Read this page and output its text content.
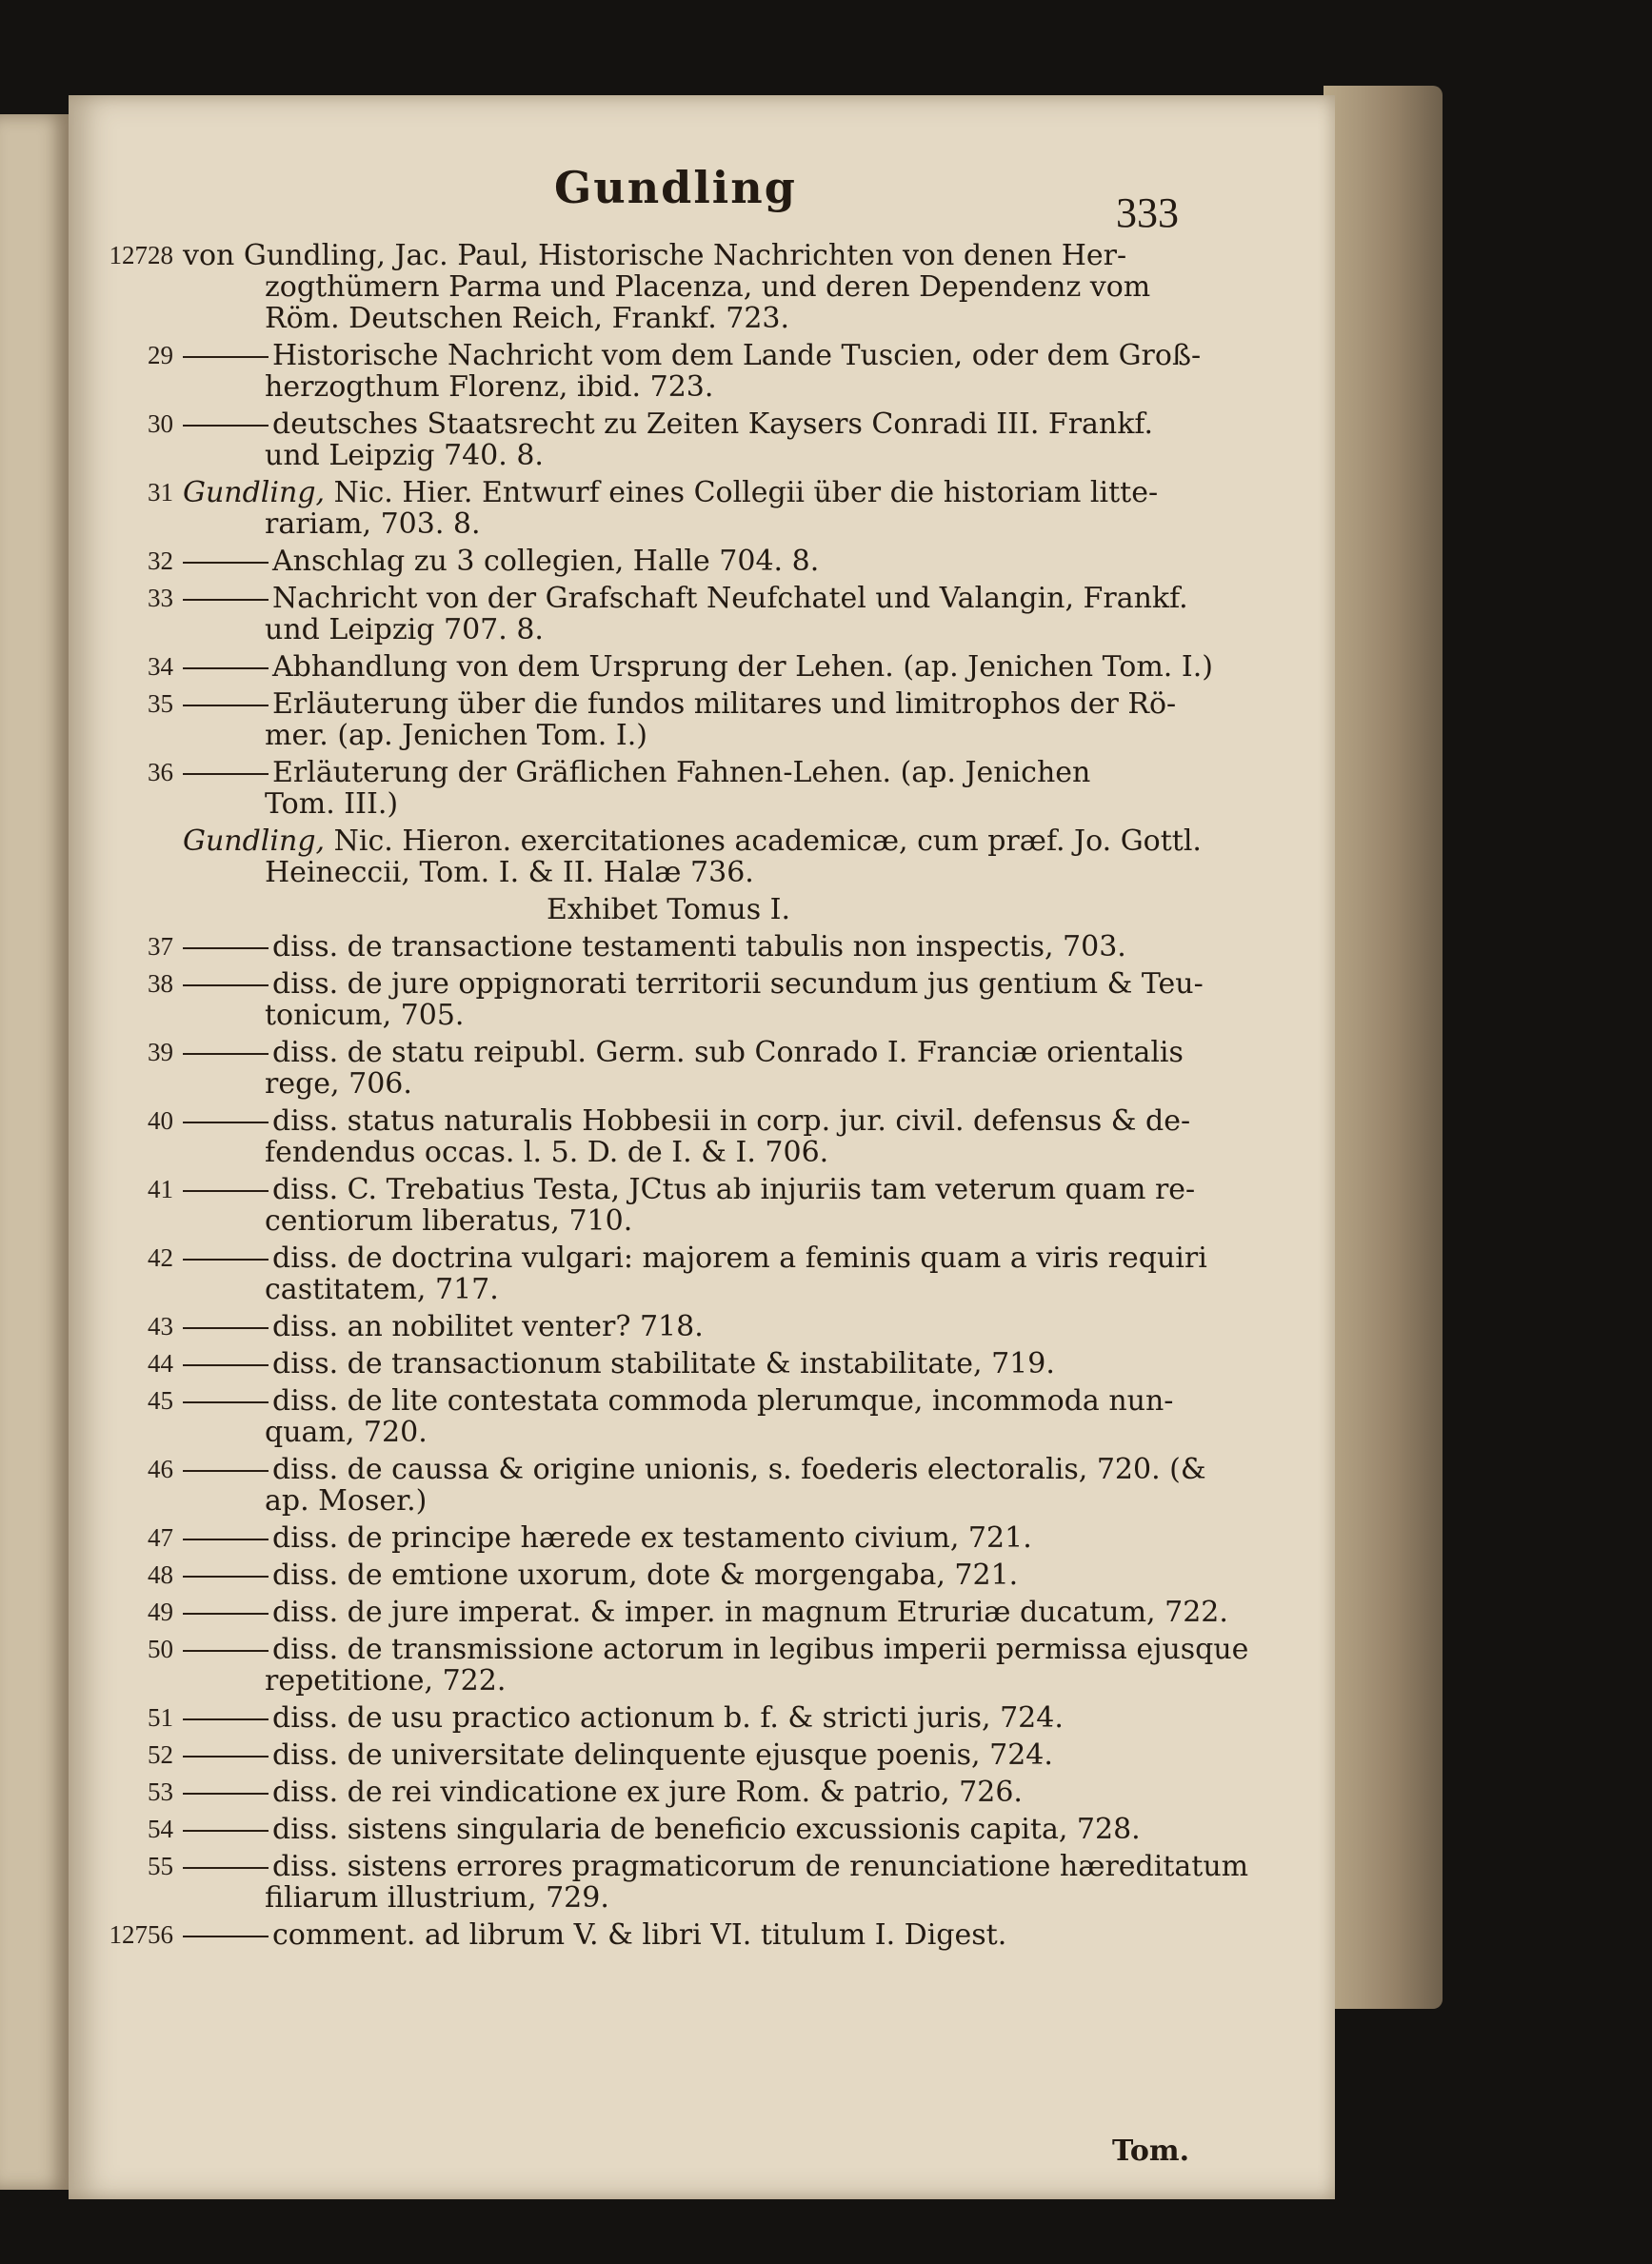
Gundling	333
12728 von Gundling, Jac. Paul, Historische Nachrichten von denen Her-
zogthümern Parma und Placenza, und deren Dependenz vom
Röm. Deutschen Reich, Frankf. 723.
29	Historische Nachricht vom dem Lande Tuscien, oder dem Groß-
herzogthum Florenz, ibid. 723.
30	deutsches Staatsrecht zu Zeiten Kaysers Conradi III. Frankf.
und Leipzig 740. 8.
31 Gundling, Nic. Hier. Entwurf eines Collegii über die historiam litte-
rariam, 703. 8.
32	Anschlag zu 3 collegien, Halle 704. 8.
33	Nachricht von der Grafschaft Neufchatel und Valangin, Frankf.
und Leipzig 707. 8.
34	Abhandlung von dem Ursprung der Lehen. (ap. Jenichen Tom. I.)
35	Erläuterung über die fundos militares und limitrophos der Rö-
mer. (ap. Jenichen Tom. I.)
36	Erläuterung der Gräflichen Fahnen-Lehen. (ap. Jenichen
Tom. III.)
Gundling, Nic. Hieron. exercitationes academicæ, cum præf. Jo. Gottl.
Heineccii, Tom. I. & II. Halæ 736.
Exhibet Tomus I.
37	diss. de transactione testamenti tabulis non inspectis, 703.
38	diss. de jure oppignorati territorii secundum jus gentium & Teu-
tonicum, 705.
39	diss. de statu reipubl. Germ. sub Conrado I. Franciæ orientalis
rege, 706.
40	diss. status naturalis Hobbesii in corp. jur. civil. defensus & de-
fendendus occas. l. 5. D. de I. & I. 706.
41	diss. C. Trebatius Testa, JCtus ab injuriis tam veterum quam re-
centiorum liberatus, 710.
42	diss. de doctrina vulgari: majorem a feminis quam a viris requiri
castitatem, 717.
43	diss. an nobilitet venter? 718.
44	diss. de transactionum stabilitate & instabilitate, 719.
45	diss. de lite contestata commoda plerumque, incommoda nun-
quam, 720.
46	diss. de caussa & origine unionis, s. foederis electoralis, 720. (&
ap. Moser.)
47	diss. de principe hærede ex testamento civium, 721.
48	diss. de emtione uxorum, dote & morgengaba, 721.
49	diss. de jure imperat. & imper. in magnum Etruriæ ducatum, 722.
50	diss. de transmissione actorum in legibus imperii permissa ejusque
repetitione, 722.
51	diss. de usu practico actionum b. f. & stricti juris, 724.
52	diss. de universitate delinquente ejusque poenis, 724.
53	diss. de rei vindicatione ex jure Rom. & patrio, 726.
54	diss. sistens singularia de beneficio excussionis capita, 728.
55	diss. sistens errores pragmaticorum de renunciatione hæreditatum
filiarum illustrium, 729.
12756	comment. ad librum V. & libri VI. titulum I. Digest.
Tom.
